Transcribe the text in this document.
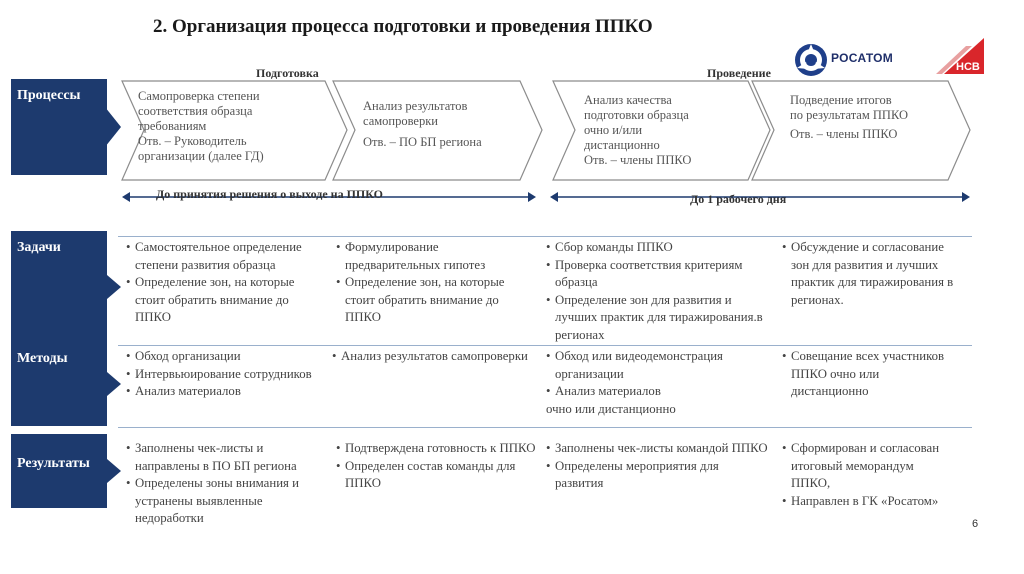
2. Организация процесса подготовки и проведения ППКО
РОСАТОМ
НСВ
Подготовка	Проведение
Процессы
Задачи
Методы
Результаты
Самопроверка степени
соответствия образца
требованиям
Отв. – Руководитель
организации (далее ГД)
Анализ результатов
самопроверки
Отв. – ПО БП региона
Анализ качества
подготовки образца
очно и/или
дистанционно
Отв. – члены ППКО
Подведение итогов
по результатам ППКО
Отв. – члены ППКО
До принятия решения о выходе на ППКО	До 1 рабочего дня
• Самостоятельное определение степени развития образца
• Определение зон, на которые стоит обратить внимание до ППКО
• Формулирование предварительных гипотез
• Определение зон, на которые стоит обратить внимание до ППКО
• Сбор команды ППКО
• Проверка соответствия критериям образца
• Определение зон для развития и лучших практик для тиражирования.в регионах
• Обсуждение и согласование зон для развития и лучших практик для тиражирования в регионах.
• Обход организации
• Интервьюирование сотрудников
• Анализ материалов
• Анализ результатов самопроверки
•	Обход или видеодемонстрация организации
• Анализ материалов
очно или дистанционно
• Совещание всех участников ППКО очно или дистанционно
• Заполнены чек-листы и направлены в ПО БП региона
• Определены зоны внимания и устранены выявленные недоработки
• Подтверждена готовность к ППКО
• Определен состав команды для ППКО
• Заполнены чек-листы командой ППКО
• Определены мероприятия для развития
• Сформирован и согласован итоговый меморандум ППКО,
• Направлен в ГК «Росатом»
6
